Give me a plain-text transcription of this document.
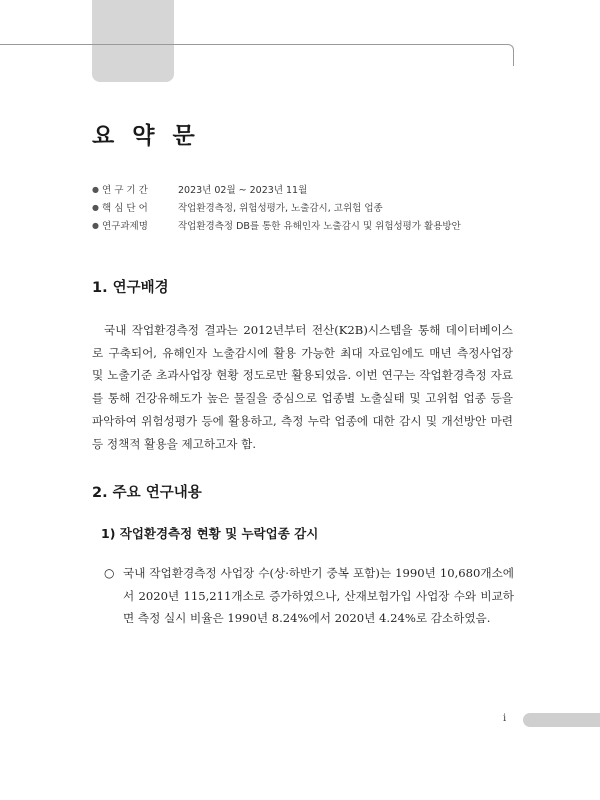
요 약 문
● 연 구 기 간	2023년 02월 ~ 2023년 11월
● 핵 심 단 어	작업환경측정, 위험성평가, 노출감시, 고위험 업종
● 연구과제명	작업환경측정 DB를 통한 유해인자 노출감시 및 위험성평가 활용방안
1. 연구배경

국내 작업환경측정 결과는 2012년부터 전산(K2B)시스템을 통해 데이터베이스로 구축되어, 유해인자 노출감시에 활용 가능한 최대 자료임에도 매년 측정사업장 및 노출기준 초과사업장 현황 정도로만 활용되었음. 이번 연구는 작업환경측정 자료를 통해 건강유해도가 높은 물질을 중심으로 업종별 노출실태 및 고위험 업종 등을 파악하여 위험성평가 등에 활용하고, 측정 누락 업종에 대한 감시 및 개선방안 마련 등 정책적 활용을 제고하고자 함.

2. 주요 연구내용
1) 작업환경측정 현황 및 누락업종 감시
○ 국내 작업환경측정 사업장 수(상·하반기 중복 포함)는 1990년 10,680개소에서 2020년 115,211개소로 증가하였으나, 산재보험가입 사업장 수와 비교하면 측정 실시 비율은 1990년 8.24%에서 2020년 4.24%로 감소하였음.
i
